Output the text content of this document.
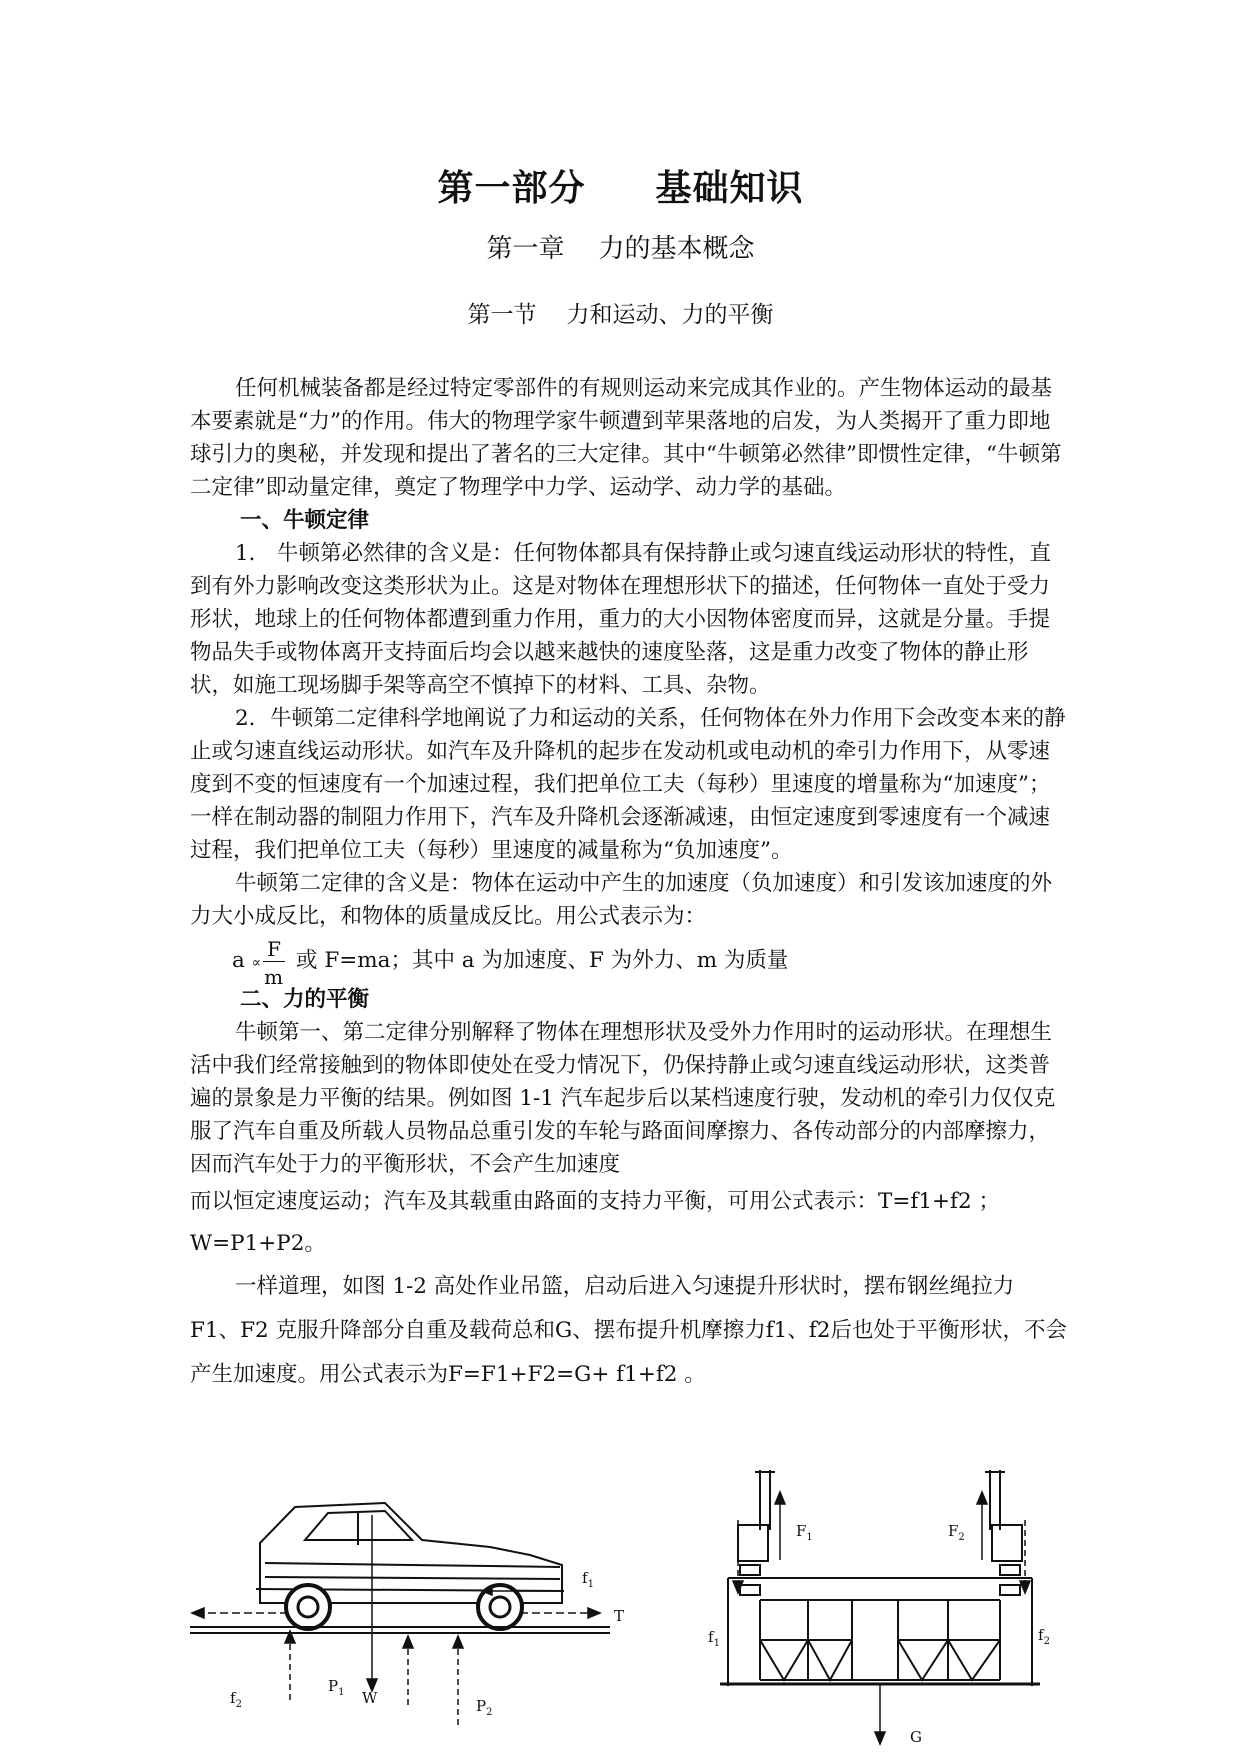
第一部分 基础知识
第一章 力的基本概念
第一节 力和运动、力的平衡

任何机械装备都是经过特定零部件的有规则运动来完成其作业的。产生物体运动的最基本要素就是“力”的作用。伟大的物理学家牛顿遭到苹果落地的启发，为人类揭开了重力即地球引力的奥秘，并发现和提出了著名的三大定律。其中“牛顿第必然律”即惯性定律，“牛顿第二定律”即动量定律，奠定了物理学中力学、运动学、动力学的基础。

一、牛顿定律

1． 牛顿第必然律的含义是：任何物体都具有保持静止或匀速直线运动形状的特性，直到有外力影响改变这类形状为止。这是对物体在理想形状下的描述，任何物体一直处于受力形状，地球上的任何物体都遭到重力作用，重力的大小因物体密度而异，这就是分量。手提物品失手或物体离开支持面后均会以越来越快的速度坠落，这是重力改变了物体的静止形状，如施工现场脚手架等高空不慎掉下的材料、工具、杂物。

2．牛顿第二定律科学地阐说了力和运动的关系，任何物体在外力作用下会改变本来的静止或匀速直线运动形状。如汽车及升降机的起步在发动机或电动机的牵引力作用下，从零速度到不变的恒速度有一个加速过程，我们把单位工夫（每秒）里速度的增量称为“加速度”；一样在制动器的制阻力作用下，汽车及升降机会逐渐减速，由恒定速度到零速度有一个减速过程，我们把单位工夫（每秒）里速度的减量称为“负加速度”。

牛顿第二定律的含义是：物体在运动中产生的加速度（负加速度）和引发该加速度的外力大小成反比，和物体的质量成反比。用公式表示为：

$a \propto \frac{F}{m}$ 或 F=ma；其中 a 为加速度、F 为外力、m 为质量

二、力的平衡

牛顿第一、第二定律分别解释了物体在理想形状及受外力作用时的运动形状。在理想生活中我们经常接触到的物体即使处在受力情况下，仍保持静止或匀速直线运动形状，这类普遍的景象是力平衡的结果。例如图 1-1 汽车起步后以某档速度行驶，发动机的牵引力仅仅克服了汽车自重及所载人员物品总重引发的车轮与路面间摩擦力、各传动部分的内部摩擦力，因而汽车处于力的平衡形状，不会产生加速度

而以恒定速度运动；汽车及其载重由路面的支持力平衡，可用公式表示：T=f1+f2 ；W=P1+P2。

一样道理，如图 1-2 高处作业吊篮，启动后进入匀速提升形状时，摆布钢丝绳拉力 F1、F2 克服升降部分自重及载荷总和G、摆布提升机摩擦力f1、f2后也处于平衡形状，不会产生加速度。用公式表示为F=F1+F2=G+ f1+f2 。

$f_1$
T
$f_2$
$P_1$ W	$P_2$
$F_1$	$F_2$
$f_1$	$f_2$
G
